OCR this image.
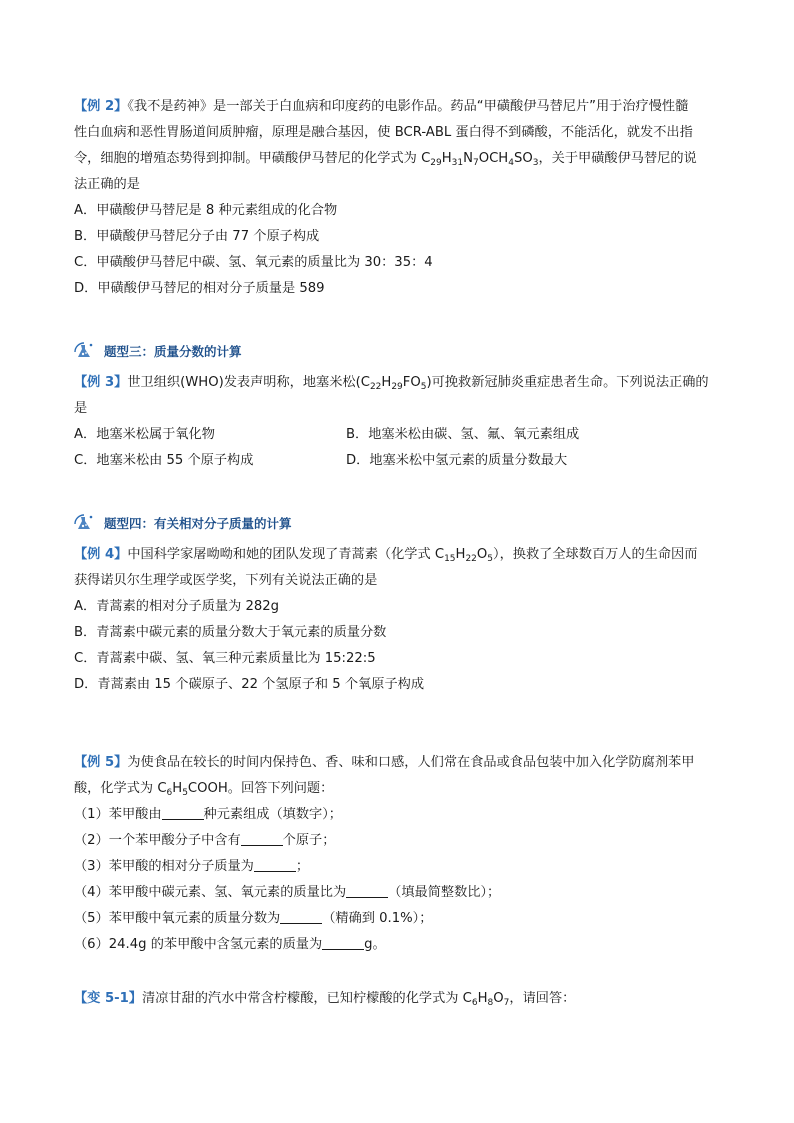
【例 2】《我不是药神》是一部关于白血病和印度药的电影作品。药品“甲磺酸伊马替尼片”用于治疗慢性髓
性白血病和恶性胃肠道间质肿瘤，原理是融合基因，使 BCR-ABL 蛋白得不到磷酸，不能活化，就发不出指
令，细胞的增殖态势得到抑制。甲磺酸伊马替尼的化学式为 $C_{29}H_{31}N_7OCH_4SO_3$，关于甲磺酸伊马替尼的说
法正确的是
A．甲磺酸伊马替尼是 8 种元素组成的化合物
B．甲磺酸伊马替尼分子由 77 个原子构成
C．甲磺酸伊马替尼中碳、氢、氧元素的质量比为 30：35：4
D．甲磺酸伊马替尼的相对分子质量是 589
题型三：质量分数的计算
【例 3】世卫组织(WHO)发表声明称，地塞米松$(C_{22}H_{29}FO_5)$可挽救新冠肺炎重症患者生命。下列说法正确的
是
A．地塞米松属于氧化物	B．地塞米松由碳、氢、氟、氧元素组成
C．地塞米松由 55 个原子构成	D．地塞米松中氢元素的质量分数最大
题型四：有关相对分子质量的计算
【例 4】中国科学家屠呦呦和她的团队发现了青蒿素（化学式 $C_{15}H_{22}O_5$），换救了全球数百万人的生命因而
获得诺贝尔生理学或医学奖，下列有关说法正确的是
A．青蒿素的相对分子质量为 282g
B．青蒿素中碳元素的质量分数大于氧元素的质量分数
C．青蒿素中碳、氢、氧三种元素质量比为 15:22:5
D．青蒿素由 15 个碳原子、22 个氢原子和 5 个氧原子构成
【例 5】为使食品在较长的时间内保持色、香、味和口感，人们常在食品或食品包装中加入化学防腐剂苯甲
酸，化学式为 $C_6H_5COOH$。回答下列问题：
（1）苯甲酸由	种元素组成（填数字）；
（2）一个苯甲酸分子中含有	个原子；
（3）苯甲酸的相对分子质量为	；
（4）苯甲酸中碳元素、氢、氧元素的质量比为	（填最简整数比）；
（5）苯甲酸中氧元素的质量分数为	（精确到 0.1%）；
（6）24.4g 的苯甲酸中含氢元素的质量为	g。
【变 5-1】清凉甘甜的汽水中常含柠檬酸，已知柠檬酸的化学式为 $C_6H_8O_7$，请回答：
